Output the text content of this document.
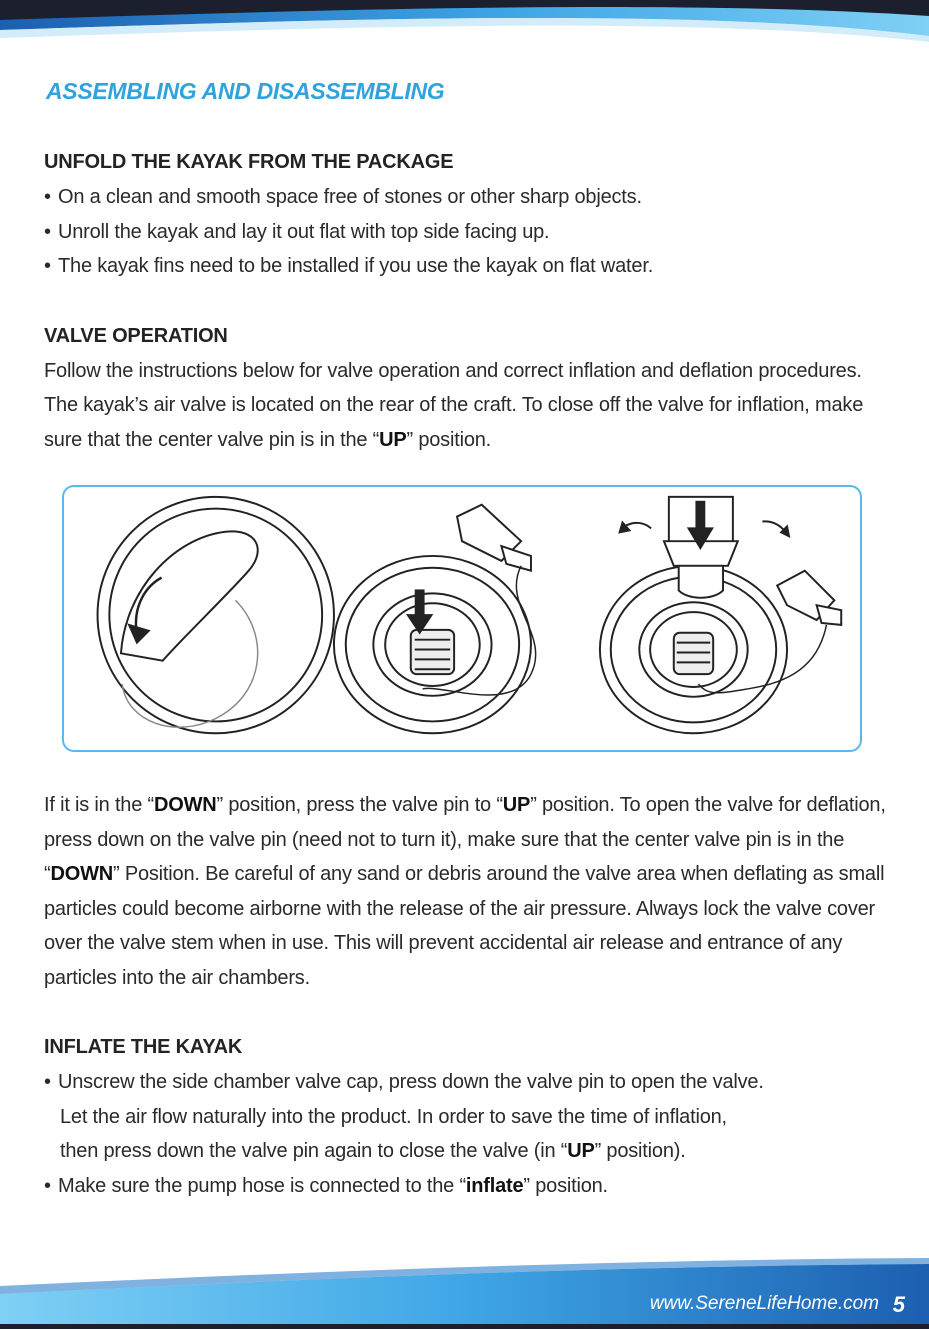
ASSEMBLING AND DISASSEMBLING

UNFOLD THE KAYAK FROM THE PACKAGE

• On a clean and smooth space free of stones or other sharp objects.

• Unroll the kayak and lay it out flat with top side facing up.

• The kayak fins need to be installed if you use the kayak on flat water.

VALVE OPERATION

Follow the instructions below for valve operation and correct inflation and deflation procedures. The kayak’s air valve is located on the rear of the craft. To close off the valve for inflation, make sure that the center valve pin is in the “UP” position.

If it is in the “DOWN” position, press the valve pin to “UP” position. To open the valve for deflation, press down on the valve pin (need not to turn it), make sure that the center valve pin is in the “DOWN” Position. Be careful of any sand or debris around the valve area when deflating as small particles could become airborne with the release of the air pressure. Always lock the valve cover over the valve stem when in use. This will prevent accidental air release and entrance of any particles into the air chambers.

INFLATE THE KAYAK

• Unscrew the side chamber valve cap, press down the valve pin to open the valve.
Let the air flow naturally into the product. In order to save the time of inflation,
then press down the valve pin again to close the valve (in “UP” position).

• Make sure the pump hose is connected to the “inflate” position.

www.SereneLifeHome.com 5
